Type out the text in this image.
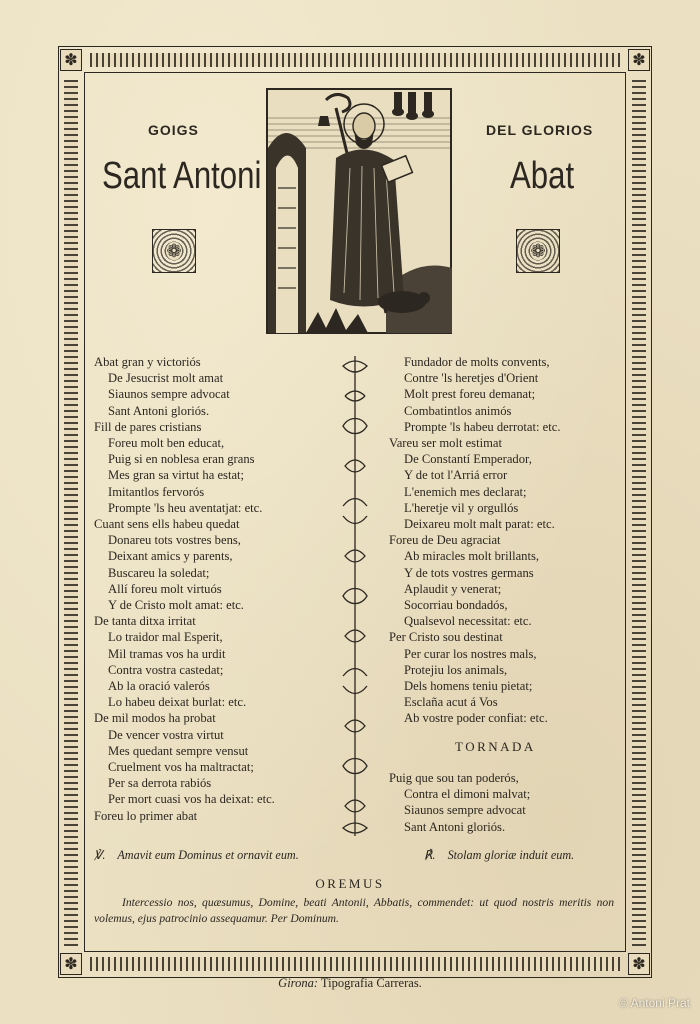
✽	✽
✽	✽
GOIGS	DEL GLORIOS
Sant Antoni	Abat
❁	❁
Abat gran y victoriós
De Jesucrist molt amat
Siaunos sempre advocat
Sant Antoni gloriós.
Fill de pares cristians
Foreu molt ben educat,
Puig si en noblesa eran grans
Mes gran sa virtut ha estat;
Imitantlos fervorós
Prompte 'ls heu aventatjat: etc.
Cuant sens ells habeu quedat
Donareu tots vostres bens,
Deixant amics y parents,
Buscareu la soledat;
Allí foreu molt virtuós
Y de Cristo molt amat: etc.
De tanta ditxa irritat
Lo traidor mal Esperit,
Mil tramas vos ha urdit
Contra vostra castedat;
Ab la oració valerós
Lo habeu deixat burlat: etc.
De mil modos ha probat
De vencer vostra virtut
Mes quedant sempre vensut
Cruelment vos ha maltractat;
Per sa derrota rabiós
Per mort cuasi vos ha deixat: etc.
Foreu lo primer abat
Fundador de molts convents,
Contre 'ls heretjes d'Orient
Molt prest foreu demanat;
Combatintlos animós
Prompte 'ls habeu derrotat: etc.
Vareu ser molt estimat
De Constantí Emperador,
Y de tot l'Arriá error
L'enemich mes declarat;
L'heretje vil y orgullós
Deixareu molt malt parat: etc.
Foreu de Deu agraciat
Ab miracles molt brillants,
Y de tots vostres germans
Aplaudit y venerat;
Socorriau bondadós,
Qualsevol necessitat: etc.
Per Cristo sou destinat
Per curar los nostres mals,
Protejiu los animals,
Dels homens teniu pietat;
Esclaña acut á Vos
Ab vostre poder confiat: etc.
TORNADA
Puig que sou tan poderós,
Contra el dimoni malvat;
Siaunos sempre advocat
Sant Antoni gloriós.
℣. Amavit eum Dominus et ornavit eum.	℟. Stolam gloriæ induit eum.
OREMUS
Intercessio nos, quæsumus, Domine, beati Antonii, Abbatis, commendet: ut quod nostris meritis non volemus, ejus patrocinio assequamur. Per Dominum.
Girona: Tipografia Carreras.
© Antoni Prat
